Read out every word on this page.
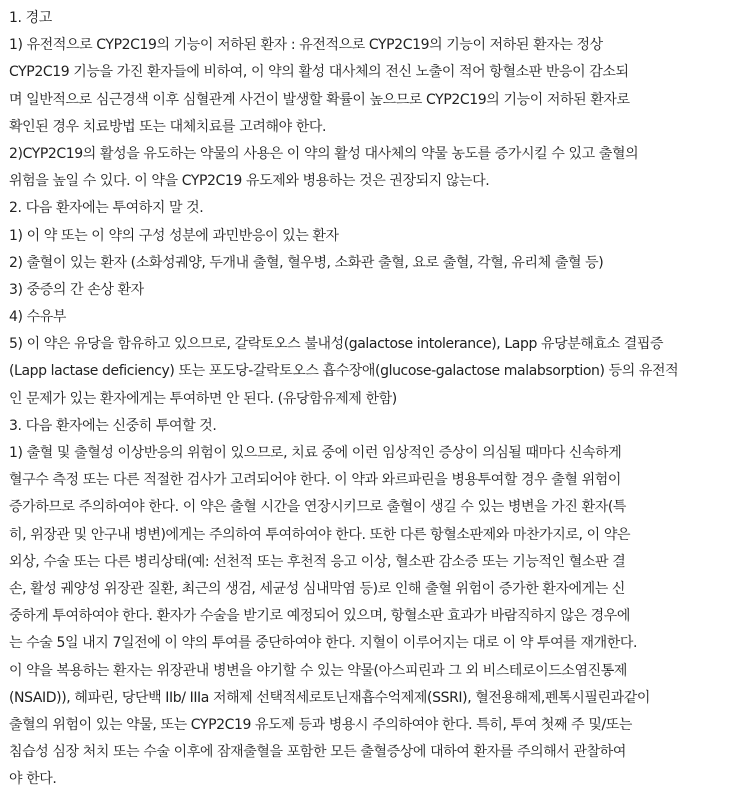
1. 경고
1) 유전적으로 CYP2C19의 기능이 저하된 환자 : 유전적으로 CYP2C19의 기능이 저하된 환자는 정상
CYP2C19 기능을 가진 환자들에 비하여, 이 약의 활성 대사체의 전신 노출이 적어 항혈소판 반응이 감소되
며 일반적으로 심근경색 이후 심혈관계 사건이 발생할 확률이 높으므로 CYP2C19의 기능이 저하된 환자로
확인된 경우 치료방법 또는 대체치료를 고려해야 한다.
2)CYP2C19의 활성을 유도하는 약물의 사용은 이 약의 활성 대사체의 약물 농도를 증가시킬 수 있고 출혈의
위험을 높일 수 있다. 이 약을 CYP2C19 유도제와 병용하는 것은 권장되지 않는다.
2. 다음 환자에는 투여하지 말 것.
1) 이 약 또는 이 약의 구성 성분에 과민반응이 있는 환자
2) 출혈이 있는 환자 (소화성궤양, 두개내 출혈, 혈우병, 소화관 출혈, 요로 출혈, 각혈, 유리체 출혈 등)
3) 중증의 간 손상 환자
4) 수유부
5) 이 약은 유당을 함유하고 있으므로, 갈락토오스 불내성(galactose intolerance), Lapp 유당분해효소 결핍증
(Lapp lactase deficiency) 또는 포도당-갈락토오스 흡수장애(glucose-galactose malabsorption) 등의 유전적
인 문제가 있는 환자에게는 투여하면 안 된다. (유당함유제제 한함)
3. 다음 환자에는 신중히 투여할 것.
1) 출혈 및 출혈성 이상반응의 위험이 있으므로, 치료 중에 이런 임상적인 증상이 의심될 때마다 신속하게
혈구수 측정 또는 다른 적절한 검사가 고려되어야 한다. 이 약과 와르파린을 병용투여할 경우 출혈 위험이
증가하므로 주의하여야 한다. 이 약은 출혈 시간을 연장시키므로 출혈이 생길 수 있는 병변을 가진 환자(특
히, 위장관 및 안구내 병변)에게는 주의하여 투여하여야 한다. 또한 다른 항혈소판제와 마찬가지로, 이 약은
외상, 수술 또는 다른 병리상태(예: 선천적 또는 후천적 응고 이상, 혈소판 감소증 또는 기능적인 혈소판 결
손, 활성 궤양성 위장관 질환, 최근의 생검, 세균성 심내막염 등)로 인해 출혈 위험이 증가한 환자에게는 신
중하게 투여하여야 한다. 환자가 수술을 받기로 예정되어 있으며, 항혈소판 효과가 바람직하지 않은 경우에
는 수술 5일 내지 7일전에 이 약의 투여를 중단하여야 한다. 지혈이 이루어지는 대로 이 약 투여를 재개한다.
이 약을 복용하는 환자는 위장관내 병변을 야기할 수 있는 약물(아스피린과 그 외 비스테로이드소염진통제
(NSAID)), 헤파린, 당단백 IIb/ IIIa 저해제 선택적세로토닌재흡수억제제(SSRI), 혈전용해제,펜톡시필린과같이
출혈의 위험이 있는 약물, 또는 CYP2C19 유도제 등과 병용시 주의하여야 한다. 특히, 투여 첫째 주 및/또는
침습성 심장 처치 또는 수술 이후에 잠재출혈을 포함한 모든 출혈증상에 대하여 환자를 주의해서 관찰하여
야 한다.
